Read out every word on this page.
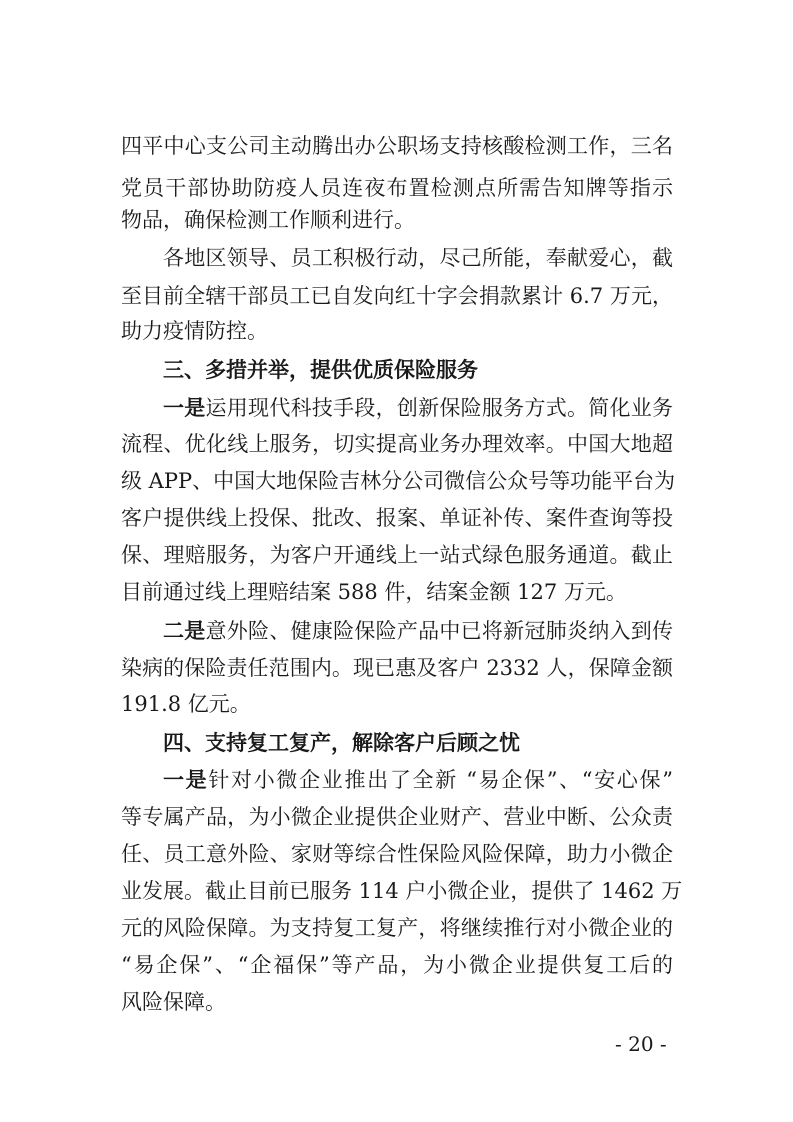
四平中心支公司主动腾出办公职场支持核酸检测工作，三名
党员干部协助防疫人员连夜布置检测点所需告知牌等指示
物品，确保检测工作顺利进行。
各地区领导、员工积极行动，尽己所能，奉献爱心，截
至目前全辖干部员工已自发向红十字会捐款累计 6.7 万元，
助力疫情防控。
三、多措并举，提供优质保险服务
一是运用现代科技手段，创新保险服务方式。简化业务
流程、优化线上服务，切实提高业务办理效率。中国大地超
级 APP、中国大地保险吉林分公司微信公众号等功能平台为
客户提供线上投保、批改、报案、单证补传、案件查询等投
保、理赔服务，为客户开通线上一站式绿色服务通道。截止
目前通过线上理赔结案 588 件，结案金额 127 万元。
二是意外险、健康险保险产品中已将新冠肺炎纳入到传
染病的保险责任范围内。现已惠及客户 2332 人，保障金额
191.8 亿元。
四、支持复工复产，解除客户后顾之忧
一是针对小微企业推出了全新 “易企保”、“安心保”
等专属产品，为小微企业提供企业财产、营业中断、公众责
任、员工意外险、家财等综合性保险风险保障，助力小微企
业发展。截止目前已服务 114 户小微企业，提供了 1462 万
元的风险保障。为支持复工复产，将继续推行对小微企业的
“易企保”、“企福保”等产品，为小微企业提供复工后的
风险保障。
- 20 -
